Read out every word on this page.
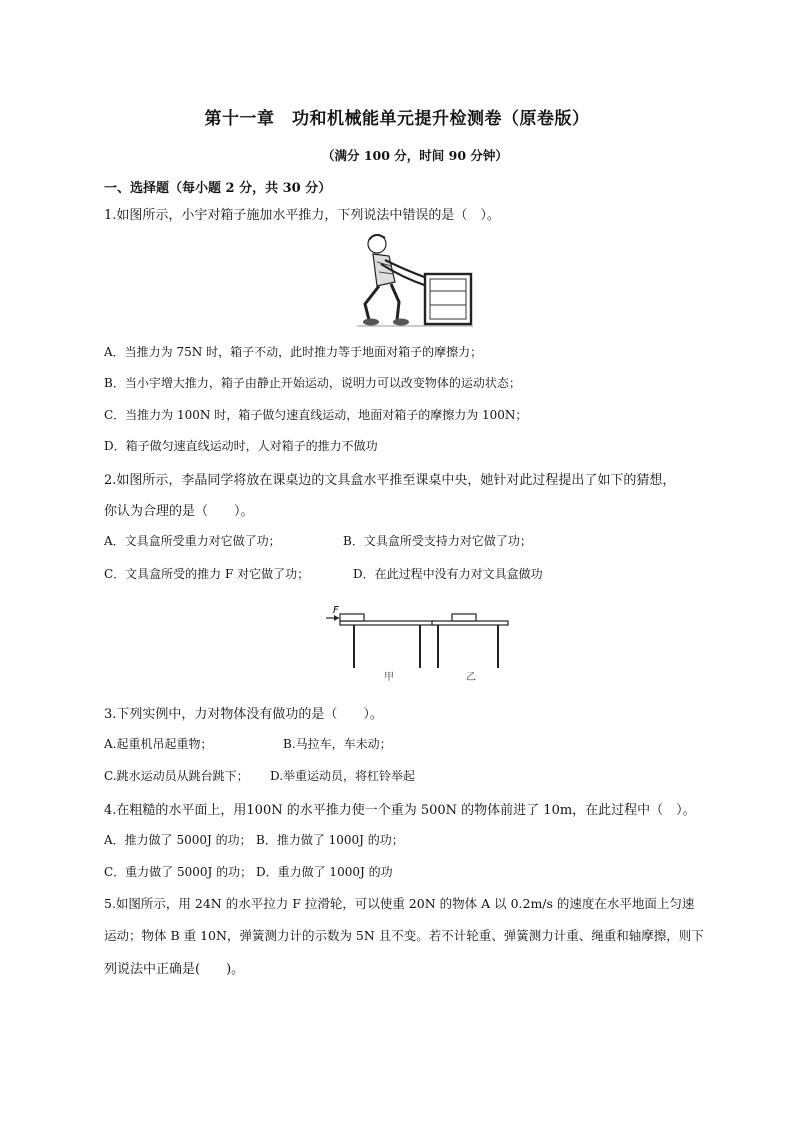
第十一章　功和机械能单元提升检测卷（原卷版）
（满分 100 分，时间 90 分钟）
一、选择题（每小题 2 分，共 30 分）
1.如图所示，小宇对箱子施加水平推力，下列说法中错误的是（　）。
A．当推力为 75N 时，箱子不动，此时推力等于地面对箱子的摩擦力；
B．当小宇增大推力，箱子由静止开始运动，说明力可以改变物体的运动状态；
C．当推力为 100N 时，箱子做匀速直线运动，地面对箱子的摩擦力为 100N；
D．箱子做匀速直线运动时，人对箱子的推力不做功
2.如图所示，李晶同学将放在课桌边的文具盒水平推至课桌中央，她针对此过程提出了如下的猜想，
你认为合理的是（　　）。
A．文具盒所受重力对它做了功；	B．文具盒所受支持力对它做了功；
C．文具盒所受的推力 F 对它做了功；	D．在此过程中没有力对文具盒做功
F
甲	乙
3.下列实例中，力对物体没有做功的是（　　）。
A.起重机吊起重物；	B.马拉车，车未动；
C.跳水运动员从跳台跳下； D.举重运动员，将杠铃举起
4.在粗糙的水平面上，用100N 的水平推力使一个重为 500N 的物体前进了 10m，在此过程中（　）。
A．推力做了 5000J 的功； B．推力做了 1000J 的功；
C．重力做了 5000J 的功； D．重力做了 1000J 的功
5.如图所示，用 24N 的水平拉力 F 拉滑轮，可以使重 20N 的物体 A 以 0.2m/s 的速度在水平地面上匀速
运动；物体 B 重 10N，弹簧测力计的示数为 5N 且不变。若不计轮重、弹簧测力计重、绳重和轴摩擦，则下
列说法中正确是(　　)。
